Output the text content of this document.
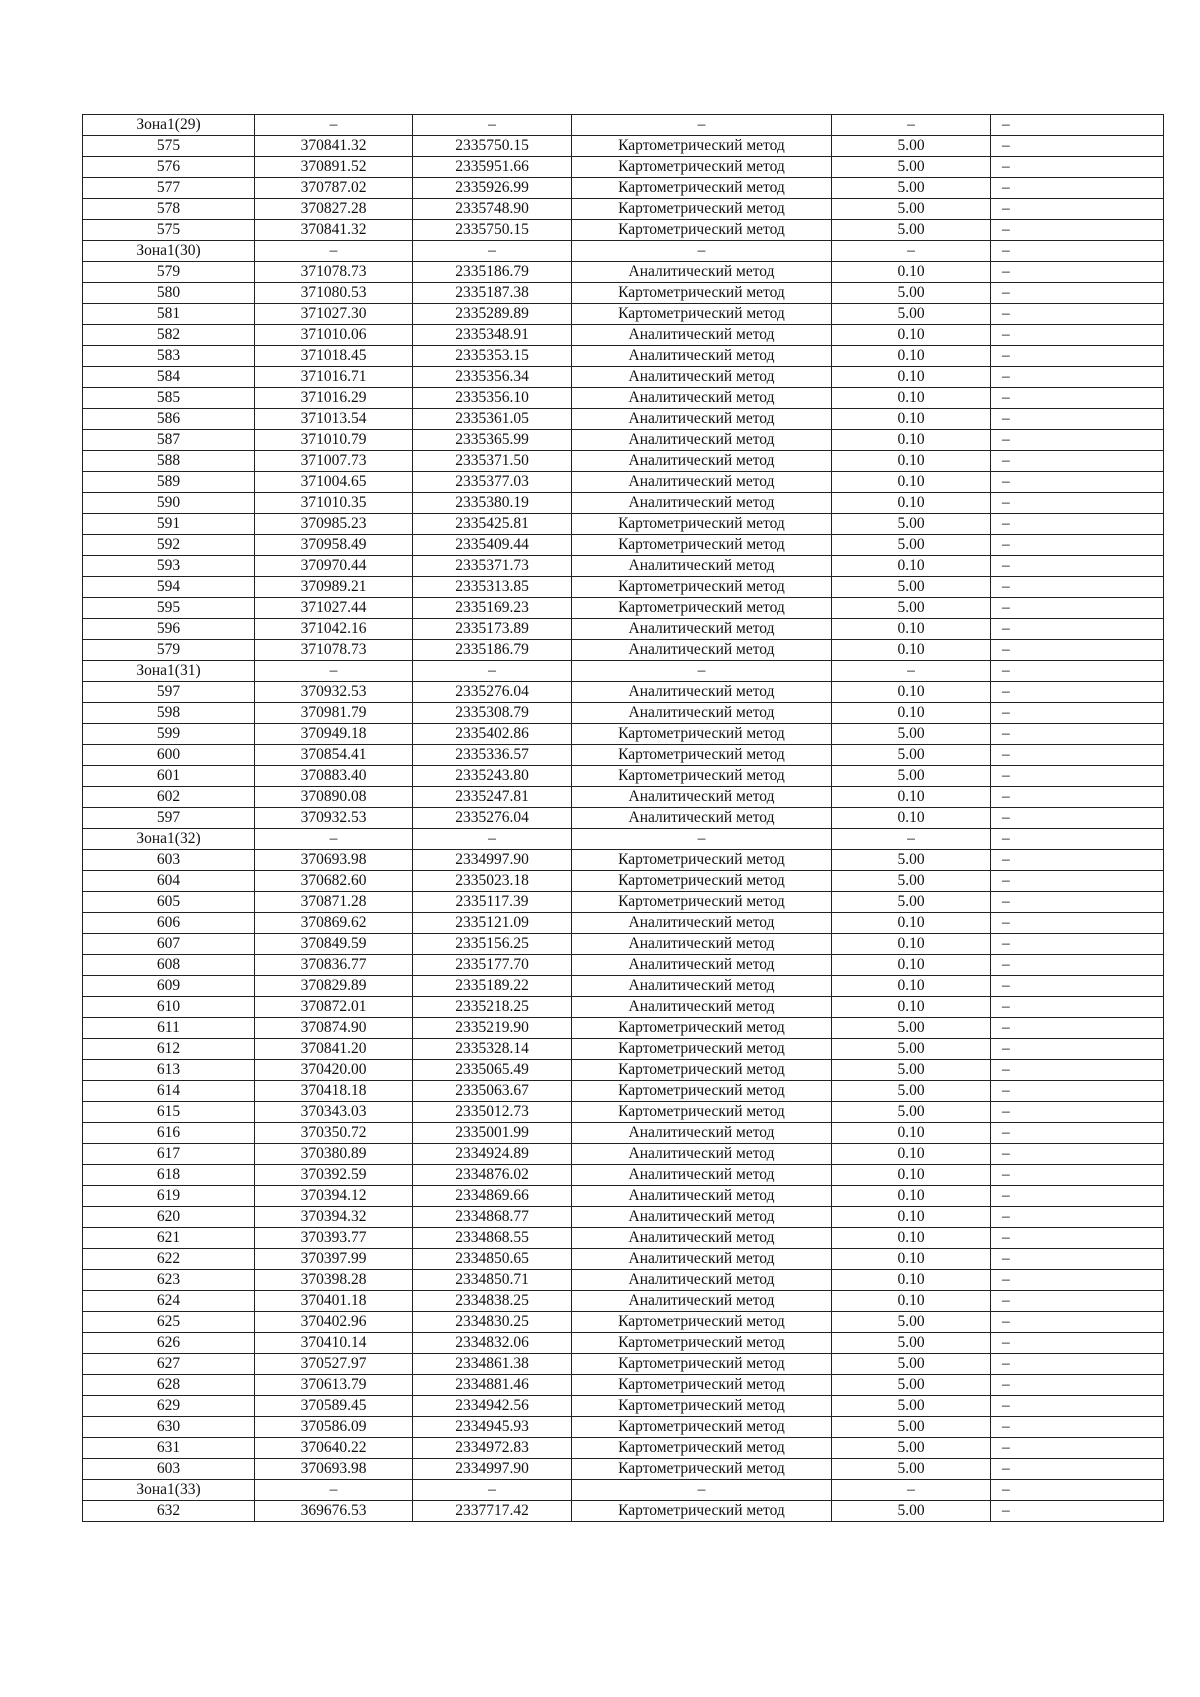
Зона1(29)	–	–	–	–	–
575	370841.32	2335750.15	Картометрический метод	5.00	–
576	370891.52	2335951.66	Картометрический метод	5.00	–
577	370787.02	2335926.99	Картометрический метод	5.00	–
578	370827.28	2335748.90	Картометрический метод	5.00	–
575	370841.32	2335750.15	Картометрический метод	5.00	–
Зона1(30)	–	–	–	–	–
579	371078.73	2335186.79	Аналитический метод	0.10	–
580	371080.53	2335187.38	Картометрический метод	5.00	–
581	371027.30	2335289.89	Картометрический метод	5.00	–
582	371010.06	2335348.91	Аналитический метод	0.10	–
583	371018.45	2335353.15	Аналитический метод	0.10	–
584	371016.71	2335356.34	Аналитический метод	0.10	–
585	371016.29	2335356.10	Аналитический метод	0.10	–
586	371013.54	2335361.05	Аналитический метод	0.10	–
587	371010.79	2335365.99	Аналитический метод	0.10	–
588	371007.73	2335371.50	Аналитический метод	0.10	–
589	371004.65	2335377.03	Аналитический метод	0.10	–
590	371010.35	2335380.19	Аналитический метод	0.10	–
591	370985.23	2335425.81	Картометрический метод	5.00	–
592	370958.49	2335409.44	Картометрический метод	5.00	–
593	370970.44	2335371.73	Аналитический метод	0.10	–
594	370989.21	2335313.85	Картометрический метод	5.00	–
595	371027.44	2335169.23	Картометрический метод	5.00	–
596	371042.16	2335173.89	Аналитический метод	0.10	–
579	371078.73	2335186.79	Аналитический метод	0.10	–
Зона1(31)	–	–	–	–	–
597	370932.53	2335276.04	Аналитический метод	0.10	–
598	370981.79	2335308.79	Аналитический метод	0.10	–
599	370949.18	2335402.86	Картометрический метод	5.00	–
600	370854.41	2335336.57	Картометрический метод	5.00	–
601	370883.40	2335243.80	Картометрический метод	5.00	–
602	370890.08	2335247.81	Аналитический метод	0.10	–
597	370932.53	2335276.04	Аналитический метод	0.10	–
Зона1(32)	–	–	–	–	–
603	370693.98	2334997.90	Картометрический метод	5.00	–
604	370682.60	2335023.18	Картометрический метод	5.00	–
605	370871.28	2335117.39	Картометрический метод	5.00	–
606	370869.62	2335121.09	Аналитический метод	0.10	–
607	370849.59	2335156.25	Аналитический метод	0.10	–
608	370836.77	2335177.70	Аналитический метод	0.10	–
609	370829.89	2335189.22	Аналитический метод	0.10	–
610	370872.01	2335218.25	Аналитический метод	0.10	–
611	370874.90	2335219.90	Картометрический метод	5.00	–
612	370841.20	2335328.14	Картометрический метод	5.00	–
613	370420.00	2335065.49	Картометрический метод	5.00	–
614	370418.18	2335063.67	Картометрический метод	5.00	–
615	370343.03	2335012.73	Картометрический метод	5.00	–
616	370350.72	2335001.99	Аналитический метод	0.10	–
617	370380.89	2334924.89	Аналитический метод	0.10	–
618	370392.59	2334876.02	Аналитический метод	0.10	–
619	370394.12	2334869.66	Аналитический метод	0.10	–
620	370394.32	2334868.77	Аналитический метод	0.10	–
621	370393.77	2334868.55	Аналитический метод	0.10	–
622	370397.99	2334850.65	Аналитический метод	0.10	–
623	370398.28	2334850.71	Аналитический метод	0.10	–
624	370401.18	2334838.25	Аналитический метод	0.10	–
625	370402.96	2334830.25	Картометрический метод	5.00	–
626	370410.14	2334832.06	Картометрический метод	5.00	–
627	370527.97	2334861.38	Картометрический метод	5.00	–
628	370613.79	2334881.46	Картометрический метод	5.00	–
629	370589.45	2334942.56	Картометрический метод	5.00	–
630	370586.09	2334945.93	Картометрический метод	5.00	–
631	370640.22	2334972.83	Картометрический метод	5.00	–
603	370693.98	2334997.90	Картометрический метод	5.00	–
Зона1(33)	–	–	–	–	–
632	369676.53	2337717.42	Картометрический метод	5.00	–
